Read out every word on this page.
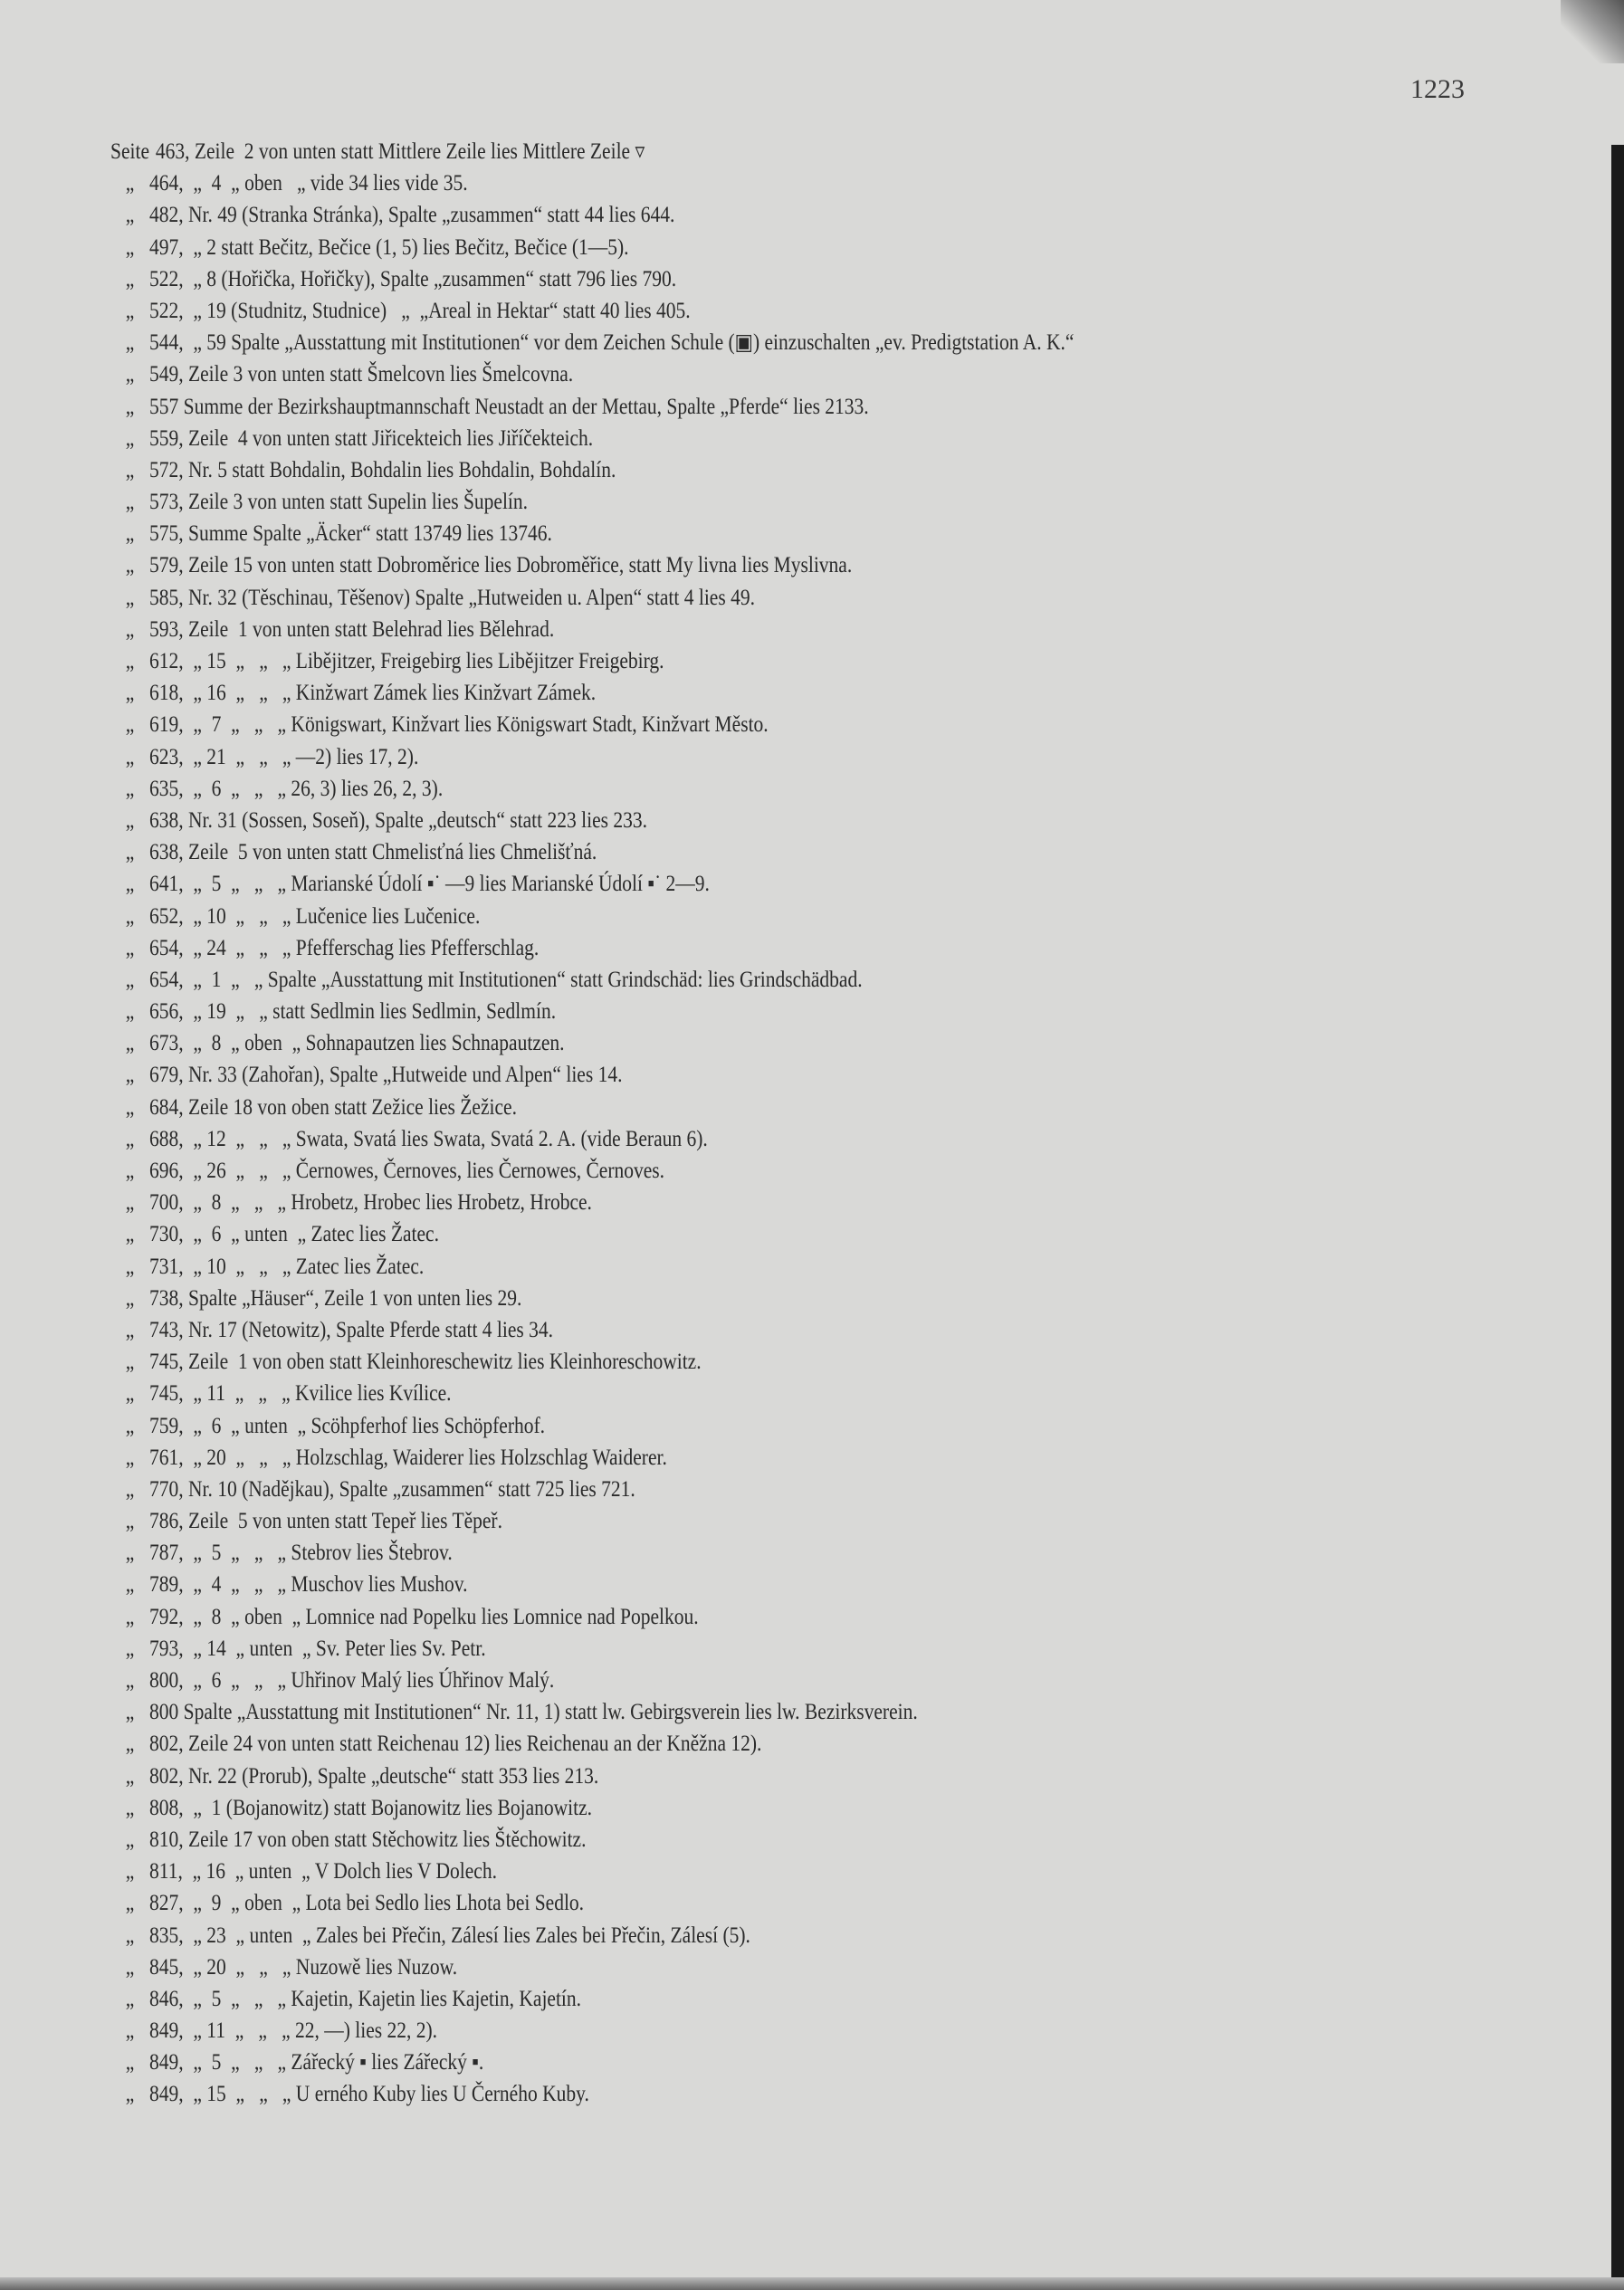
1223
Seite 463, Zeile  2 von unten statt Mittlere Zeile lies Mittlere Zeile ▿
„ 464,  „  4  „ oben   „ vide 34 lies vide 35.
„ 482, Nr. 49 (Stranka Stránka), Spalte „zusammen“ statt 44 lies 644.
„ 497,  „ 2 statt Bečitz, Bečice (1, 5) lies Bečitz, Bečice (1—5).
„ 522,  „ 8 (Hořička, Hořičky), Spalte „zusammen“ statt 796 lies 790.
„ 522,  „ 19 (Studnitz, Studnice)   „  „Areal in Hektar“ statt 40 lies 405.
„ 544,  „ 59 Spalte „Ausstattung mit Institutionen“ vor dem Zeichen Schule (▣) einzuschalten „ev. Predigtstation A. K.“
„ 549, Zeile 3 von unten statt Šmelcovn lies Šmelcovna.
„ 557 Summe der Bezirkshauptmannschaft Neustadt an der Mettau, Spalte „Pferde“ lies 2133.
„ 559, Zeile  4 von unten statt Jiřicekteich lies Jiříčekteich.
„ 572, Nr. 5 statt Bohdalin, Bohdalin lies Bohdalin, Bohdalín.
„ 573, Zeile 3 von unten statt Supelin lies Šupelín.
„ 575, Summe Spalte „Äcker“ statt 13749 lies 13746.
„ 579, Zeile 15 von unten statt Dobroměrice lies Dobroměřice, statt My livna lies Myslivna.
„ 585, Nr. 32 (Těschinau, Těšenov) Spalte „Hutweiden u. Alpen“ statt 4 lies 49.
„ 593, Zeile  1 von unten statt Belehrad lies Bělehrad.
„ 612,  „ 15  „   „   „ Libějitzer, Freigebirg lies Libějitzer Freigebirg.
„ 618,  „ 16  „   „   „ Kinžwart Zámek lies Kinžvart Zámek.
„ 619,  „  7  „   „   „ Königswart, Kinžvart lies Königswart Stadt, Kinžvart Město.
„ 623,  „ 21  „   „   „ —2) lies 17, 2).
„ 635,  „  6  „   „   „ 26, 3) lies 26, 2, 3).
„ 638, Nr. 31 (Sossen, Soseň), Spalte „deutsch“ statt 223 lies 233.
„ 638, Zeile  5 von unten statt Chmelisťná lies Chmelišťná.
„ 641,  „  5  „   „   „ Marianské Údolí ▪˙ —9 lies Marianské Údolí ▪˙ 2—9.
„ 652,  „ 10  „   „   „ Lučenice lies Lučenice.
„ 654,  „ 24  „   „   „ Pfefferschag lies Pfefferschlag.
„ 654,  „  1  „   „ Spalte „Ausstattung mit Institutionen“ statt Grindschäd: lies Grindschädbad.
„ 656,  „ 19  „   „ statt Sedlmin lies Sedlmin, Sedlmín.
„ 673,  „  8  „ oben  „ Sohnapautzen lies Schnapautzen.
„ 679, Nr. 33 (Zahořan), Spalte „Hutweide und Alpen“ lies 14.
„ 684, Zeile 18 von oben statt Zežice lies Žežice.
„ 688,  „ 12  „   „   „ Swata, Svatá lies Swata, Svatá 2. A. (vide Beraun 6).
„ 696,  „ 26  „   „   „ Černowes, Černoves, lies Černowes, Černoves.
„ 700,  „  8  „   „   „ Hrobetz, Hrobec lies Hrobetz, Hrobce.
„ 730,  „  6  „ unten  „ Zatec lies Žatec.
„ 731,  „ 10  „   „   „ Zatec lies Žatec.
„ 738, Spalte „Häuser“, Zeile 1 von unten lies 29.
„ 743, Nr. 17 (Netowitz), Spalte Pferde statt 4 lies 34.
„ 745, Zeile  1 von oben statt Kleinhoreschewitz lies Kleinhoreschowitz.
„ 745,  „ 11  „   „   „ Kvilice lies Kvílice.
„ 759,  „  6  „ unten  „ Scöhpferhof lies Schöpferhof.
„ 761,  „ 20  „   „   „ Holzschlag, Waiderer lies Holzschlag Waiderer.
„ 770, Nr. 10 (Nadějkau), Spalte „zusammen“ statt 725 lies 721.
„ 786, Zeile  5 von unten statt Tepeř lies Těpeř.
„ 787,  „  5  „   „   „ Stebrov lies Štebrov.
„ 789,  „  4  „   „   „ Muschov lies Mushov.
„ 792,  „  8  „ oben  „ Lomnice nad Popelku lies Lomnice nad Popelkou.
„ 793,  „ 14  „ unten  „ Sv. Peter lies Sv. Petr.
„ 800,  „  6  „   „   „ Uhřinov Malý lies Úhřinov Malý.
„ 800 Spalte „Ausstattung mit Institutionen“ Nr. 11, 1) statt lw. Gebirgsverein lies lw. Bezirksverein.
„ 802, Zeile 24 von unten statt Reichenau 12) lies Reichenau an der Kněžna 12).
„ 802, Nr. 22 (Prorub), Spalte „deutsche“ statt 353 lies 213.
„ 808,  „  1 (Bojanowitz) statt Bojanowitz lies Bojanowitz.
„ 810, Zeile 17 von oben statt Stěchowitz lies Štěchowitz.
„ 811,  „ 16  „ unten  „ V Dolch lies V Dolech.
„ 827,  „  9  „ oben  „ Lota bei Sedlo lies Lhota bei Sedlo.
„ 835,  „ 23  „ unten  „ Zales bei Přečin, Zálesí lies Zales bei Přečin, Zálesí (5).
„ 845,  „ 20  „   „   „ Nuzowě lies Nuzow.
„ 846,  „  5  „   „   „ Kajetin, Kajetin lies Kajetin, Kajetín.
„ 849,  „ 11  „   „   „ 22, —) lies 22, 2).
„ 849,  „  5  „   „   „ Zářecký ▪ lies Zářecký ▪.
„ 849,  „ 15  „   „   „ U erného Kuby lies U Černého Kuby.
